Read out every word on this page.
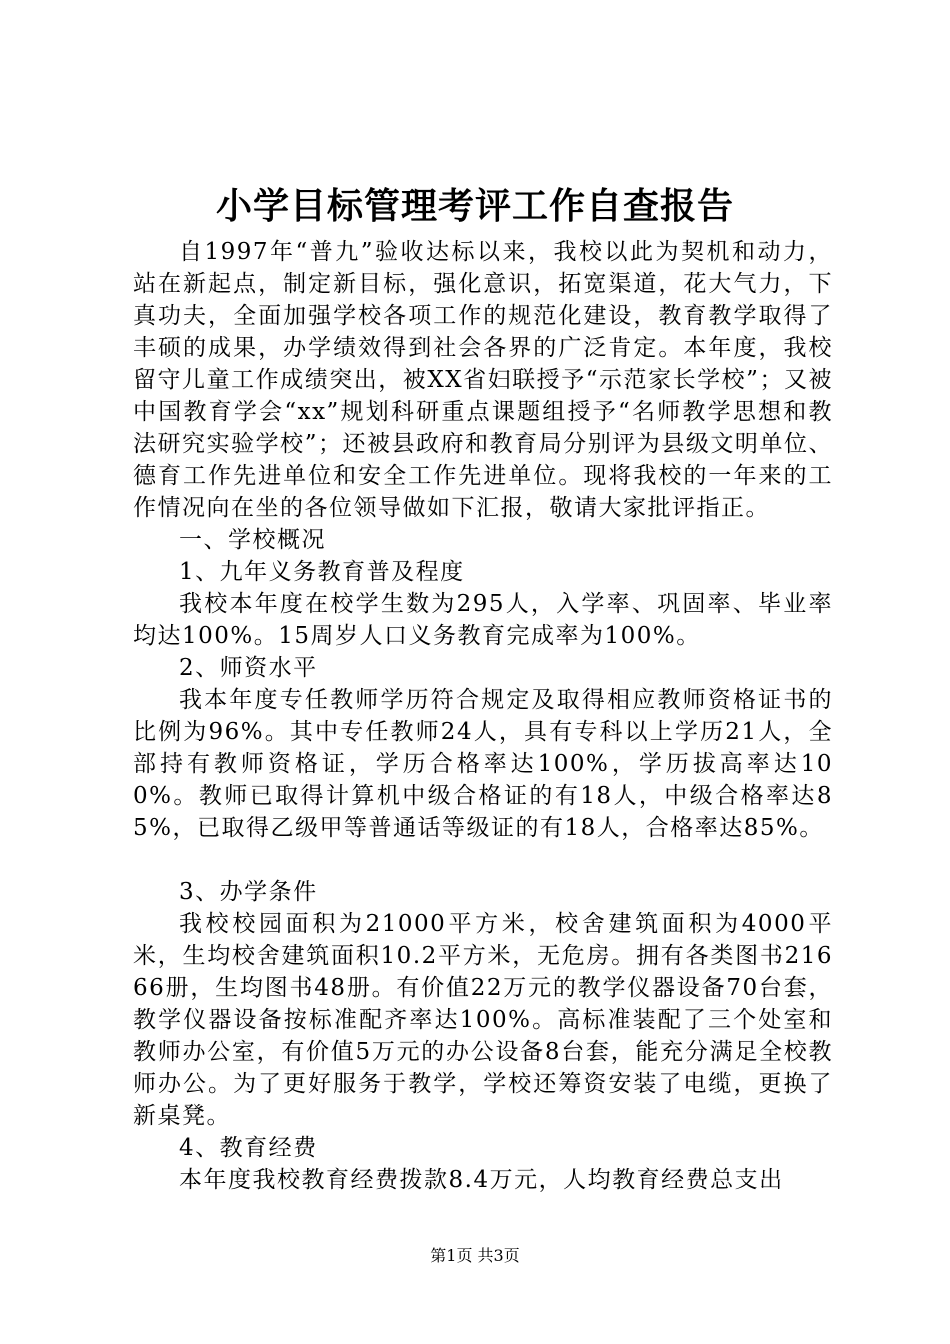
小学目标管理考评工作自查报告

自1997年“普九”验收达标以来，我校以此为契机和动力，站在新起点，制定新目标，强化意识，拓宽渠道，花大气力，下真功夫，全面加强学校各项工作的规范化建设，教育教学取得了丰硕的成果，办学绩效得到社会各界的广泛肯定。本年度，我校留守儿童工作成绩突出，被XX省妇联授予“示范家长学校”；又被中国教育学会“xx”规划科研重点课题组授予“名师教学思想和教法研究实验学校”；还被县政府和教育局分别评为县级文明单位、德育工作先进单位和安全工作先进单位。现将我校的一年来的工作情况向在坐的各位领导做如下汇报，敬请大家批评指正。

一、学校概况

1、九年义务教育普及程度

我校本年度在校学生数为295人，入学率、巩固率、毕业率均达100%。15周岁人口义务教育完成率为100%。

2、师资水平

我本年度专任教师学历符合规定及取得相应教师资格证书的比例为96%。其中专任教师24人，具有专科以上学历21人，全部持有教师资格证，学历合格率达100%，学历拔高率达100%。教师已取得计算机中级合格证的有18人，中级合格率达85%，已取得乙级甲等普通话等级证的有18人，合格率达85%。

3、办学条件

我校校园面积为21000平方米，校舍建筑面积为4000平米，生均校舍建筑面积10.2平方米，无危房。拥有各类图书21666册，生均图书48册。有价值22万元的教学仪器设备70台套，教学仪器设备按标准配齐率达100%。高标准装配了三个处室和教师办公室，有价值5万元的办公设备8台套，能充分满足全校教师办公。为了更好服务于教学，学校还筹资安装了电缆，更换了新桌凳。

4、教育经费

本年度我校教育经费拨款8.4万元，人均教育经费总支出

第1页 共3页
